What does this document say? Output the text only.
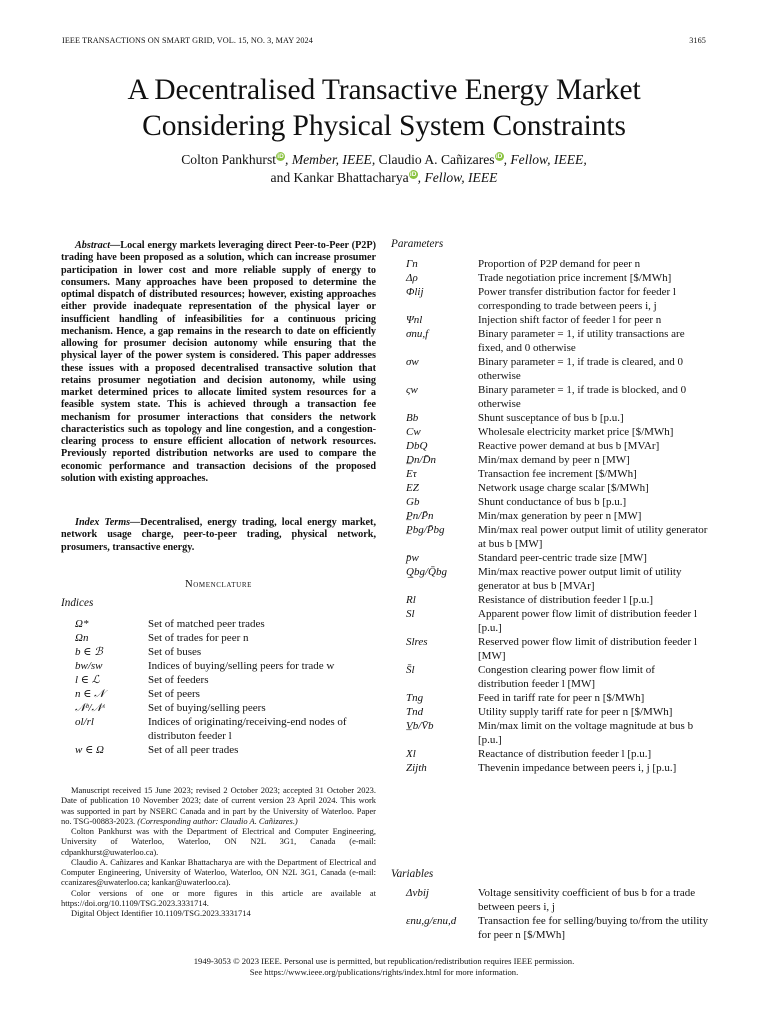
IEEE TRANSACTIONS ON SMART GRID, VOL. 15, NO. 3, MAY 2024	3165
A Decentralised Transactive Energy Market
Considering Physical System Constraints
Colton PankhurstiD, Member, IEEE, Claudio A. CañizaresiD, Fellow, IEEE,
and Kankar BhattacharyaiD, Fellow, IEEE

Abstract—Local energy markets leveraging direct Peer-to-Peer (P2P) trading have been proposed as a solution, which can increase prosumer participation in lower cost and more reliable supply of energy to consumers. Many approaches have been proposed to determine the optimal dispatch of distributed resources; however, existing approaches either provide inadequate representation of the physical layer or insufficient handling of infeasibilities for a continuous pricing mechanism. Hence, a gap remains in the research to date on efficiently allowing for prosumer decision autonomy while ensuring that the physical layer of the power system is considered. This paper addresses these issues with a proposed decentralised transactive solution that retains prosumer negotiation and decision autonomy, while using market determined prices to allocate limited system resources for a feasible system state. This is achieved through a transaction fee mechanism for prosumer interactions that considers the network characteristics such as topology and line congestion, and a congestion-clearing process to ensure efficient allocation of network resources. Previously reported distribution networks are used to compare the economic performance and transaction decisions of the proposed solution with existing approaches.

Index Terms—Decentralised, energy trading, local energy market, network usage charge, peer-to-peer trading, physical network, prosumers, transactive energy.

Nomenclature
Indices
Ω*	Set of matched peer trades
Ωn	Set of trades for peer n
b ∈ ℬ	Set of buses
bw/sw	Indices of buying/selling peers for trade w
l ∈ ℒ	Set of feeders
n ∈ 𝒩	Set of peers
𝒩ᵇ/𝒩ˢ	Set of buying/selling peers
ol/rl	Indices of originating/receiving-end nodes of distributon feeder l
w ∈ Ω	Set of all peer trades

Manuscript received 15 June 2023; revised 2 October 2023; accepted 31 October 2023. Date of publication 10 November 2023; date of current version 23 April 2024. This work was supported in part by NSERC Canada and in part by the University of Waterloo. Paper no. TSG-00883-2023. (Corresponding author: Claudio A. Cañizares.)

Colton Pankhurst was with the Department of Electrical and Computer Engineering, University of Waterloo, Waterloo, ON N2L 3G1, Canada (e-mail: cdpankhurst@uwaterloo.ca).

Claudio A. Cañizares and Kankar Bhattacharya are with the Department of Electrical and Computer Engineering, University of Waterloo, Waterloo, ON N2L 3G1, Canada (e-mail: ccanizares@uwaterloo.ca; kankar@uwaterloo.ca).

Color versions of one or more figures in this article are available at https://doi.org/10.1109/TSG.2023.3331714.

Digital Object Identifier 10.1109/TSG.2023.3331714

Parameters
Γn	Proportion of P2P demand for peer n
Δρ	Trade negotiation price increment [$/MWh]
Φlij	Power transfer distribution factor for feeder l corresponding to trade between peers i, j
Ψnl	Injection shift factor of feeder l for peer n
σnu,f	Binary parameter = 1, if utility transactions are fixed, and 0 otherwise
σw	Binary parameter = 1, if trade is cleared, and 0 otherwise
ςw	Binary parameter = 1, if trade is blocked, and 0 otherwise
Bb	Shunt susceptance of bus b [p.u.]
Cw	Wholesale electricity market price [$/MWh]
DbQ	Reactive power demand at bus b [MVAr]
D̲n/D̄n	Min/max demand by peer n [MW]
Eτ	Transaction fee increment [$/MWh]
EZ	Network usage charge scalar [$/MWh]
Gb	Shunt conductance of bus b [p.u.]
P̲n/P̄n	Min/max generation by peer n [MW]
P̲bg/P̄bg	Min/max real power output limit of utility generator at bus b [MW]
p̄w	Standard peer-centric trade size [MW]
Q̲bg/Q̄bg	Min/max reactive power output limit of utility generator at bus b [MVAr]
Rl	Resistance of distribution feeder l [p.u.]
Sl	Apparent power flow limit of distribution feeder l [p.u.]
Slres	Reserved power flow limit of distribution feeder l [MW]
S̄l	Congestion clearing power flow limit of distribution feeder l [MW]
Tng	Feed in tariff rate for peer n [$/MWh]
Tnd	Utility supply tariff rate for peer n [$/MWh]
V̲b/V̄b	Min/max limit on the voltage magnitude at bus b [p.u.]
Xl	Reactance of distribution feeder l [p.u.]
Zijth	Thevenin impedance between peers i, j [p.u.]
Variables
Δvbij	Voltage sensitivity coefficient of bus b for a trade between peers i, j
εnu,g/εnu,d Transaction fee for selling/buying to/from the utility for peer n [$/MWh]
1949-3053 © 2023 IEEE. Personal use is permitted, but republication/redistribution requires IEEE permission.
See https://www.ieee.org/publications/rights/index.html for more information.
